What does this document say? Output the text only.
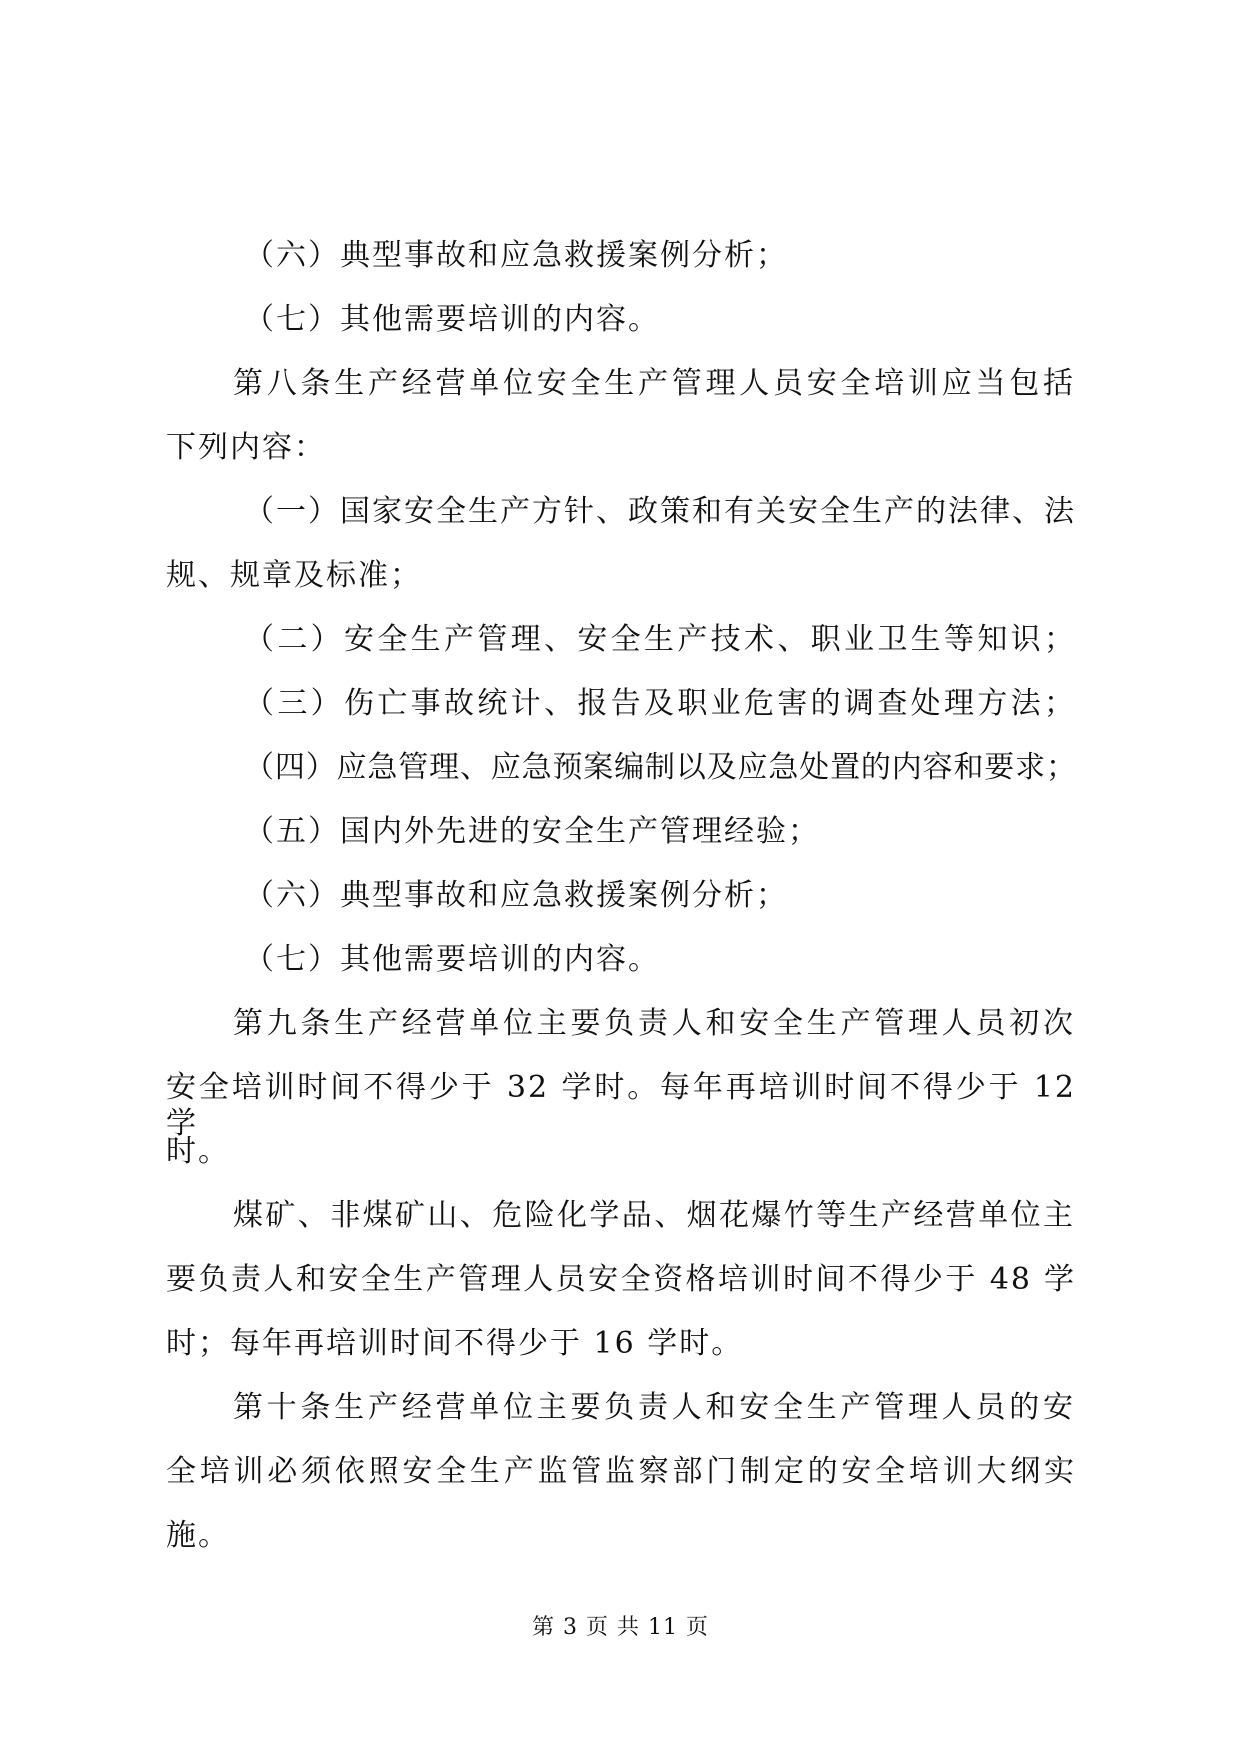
（六）典型事故和应急救援案例分析；
（七）其他需要培训的内容。
第八条生产经营单位安全生产管理人员安全培训应当包括
下列内容：
（一）国家安全生产方针、政策和有关安全生产的法律、法
规、规章及标准；
（二）安全生产管理、安全生产技术、职业卫生等知识；
（三）伤亡事故统计、报告及职业危害的调查处理方法；
（四）应急管理、应急预案编制以及应急处置的内容和要求；
（五）国内外先进的安全生产管理经验；
（六）典型事故和应急救援案例分析；
（七）其他需要培训的内容。
第九条生产经营单位主要负责人和安全生产管理人员初次
安全培训时间不得少于 32 学时。每年再培训时间不得少于 12 学
时。
煤矿、非煤矿山、危险化学品、烟花爆竹等生产经营单位主
要负责人和安全生产管理人员安全资格培训时间不得少于 48 学
时；每年再培训时间不得少于 16 学时。
第十条生产经营单位主要负责人和安全生产管理人员的安
全培训必须依照安全生产监管监察部门制定的安全培训大纲实
施。
第 3 页 共 11 页
